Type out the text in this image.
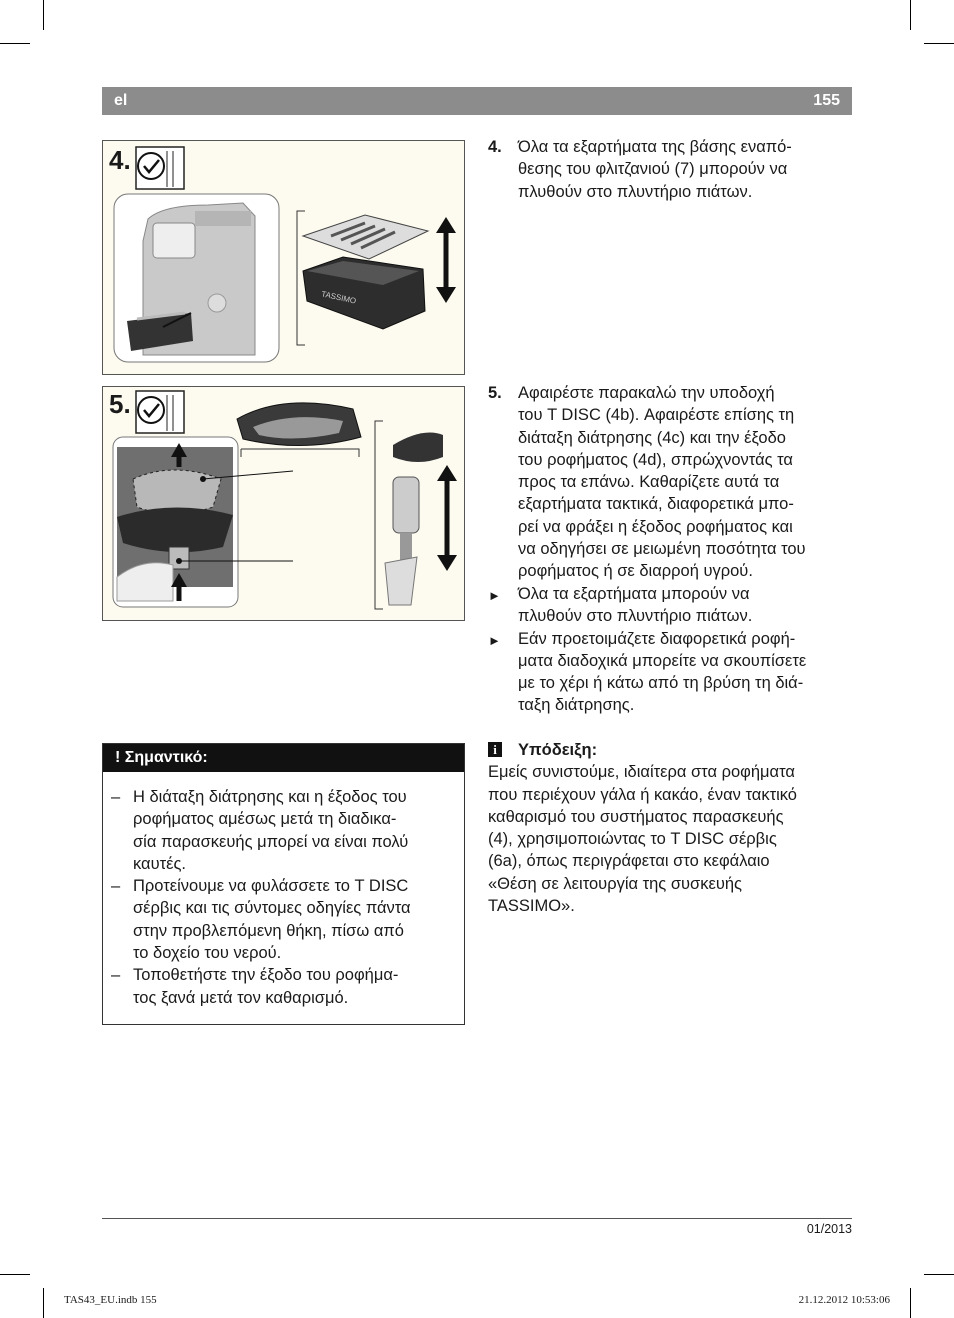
el	155
4.
TASSIMO
5.
4. Όλα τα εξαρτήματα της βάσης εναπό-
θεσης του φλιτζανιού (7) μπορούν να
πλυθούν στο πλυντήριο πιάτων.
5. Αφαιρέστε παρακαλώ την υποδοχή
του T DISC (4b). Αφαιρέστε επίσης τη
διάταξη διάτρησης (4c) και την έξοδο
του ροφήματος (4d), σπρώχνοντάς τα
προς τα επάνω. Καθαρίζετε αυτά τα
εξαρτήματα τακτικά, διαφορετικά μπο-
ρεί να φράξει η έξοδος ροφήματος και
να οδηγήσει σε μειωμένη ποσότητα του
ροφήματος ή σε διαρροή υγρού.
► Όλα τα εξαρτήματα μπορούν να
πλυθούν στο πλυντήριο πιάτων.
► Εάν προετοιμάζετε διαφορετικά ροφή-
ματα διαδοχικά μπορείτε να σκουπίσετε
με το χέρι ή κάτω από τη βρύση τη διά-
ταξη διάτρησης.
! Σημαντικό:
– Η διάταξη διάτρησης και η έξοδος του
ροφήματος αμέσως μετά τη διαδικα-
σία παρασκευής μπορεί να είναι πολύ
καυτές.
– Προτείνουμε να φυλάσσετε το T DISC
σέρβις και τις σύντομες οδηγίες πάντα
στην προβλεπόμενη θήκη, πίσω από
το δοχείο του νερού.
– Τοποθετήστε την έξοδο του ροφήμα-
τος ξανά μετά τον καθαρισμό.
i	Υπόδειξη:
Εμείς συνιστούμε, ιδιαίτερα στα ροφήματα
που περιέχουν γάλα ή κακάο, έναν τακτικό
καθαρισμό του συστήματος παρασκευής
(4), χρησιμοποιώντας το T DISC σέρβις
(6a), όπως περιγράφεται στο κεφάλαιο
«Θέση σε λειτουργία της συσκευής
TASSIMO».
01/2013
TAS43_EU.indb 155	21.12.2012 10:53:06
